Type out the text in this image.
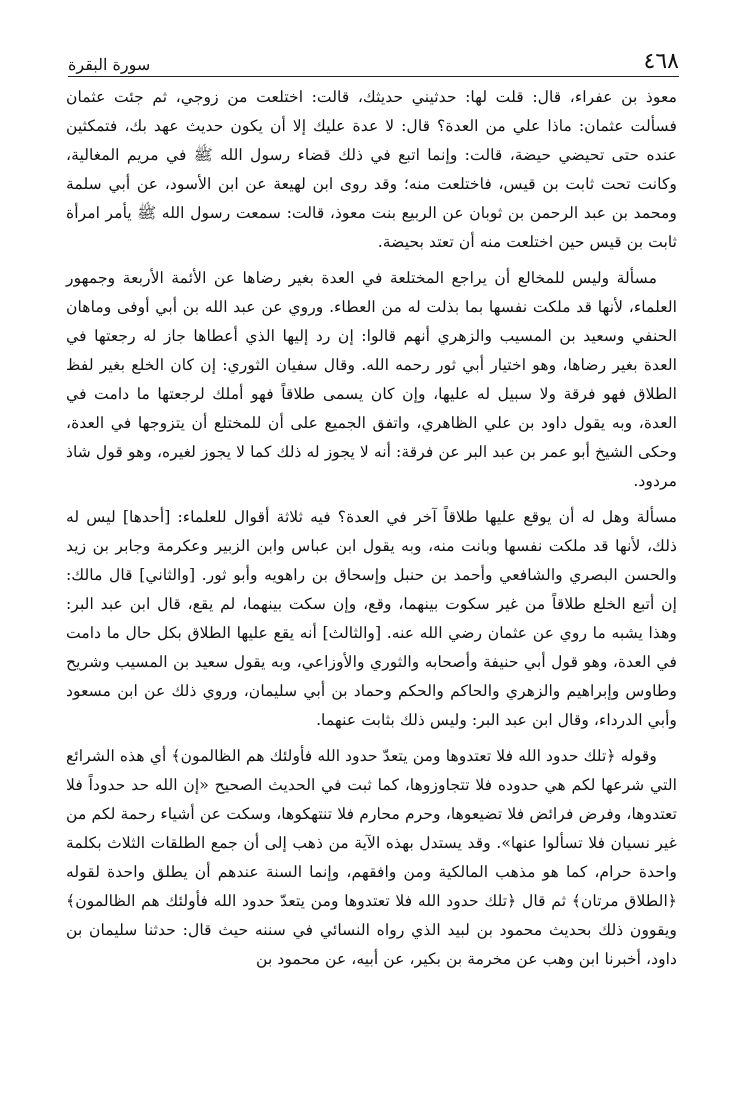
٤٦٨
سورة البقرة

معوذ بن عفراء، قال: قلت لها: حدثيني حديثك، قالت: اختلعت من زوجي، ثم جئت عثمان فسألت عثمان: ماذا علي من العدة؟ قال: لا عدة عليك إلا أن يكون حديث عهد بك، فتمكثين عنده حتى تحيضي حيضة، قالت: وإنما اتبع في ذلك قضاء رسول الله ﷺ في مريم المغالية، وكانت تحت ثابت بن قيس، فاختلعت منه؛ وقد روى ابن لهيعة عن ابن الأسود، عن أبي سلمة ومحمد بن عبد الرحمن بن ثوبان عن الربيع بنت معوذ، قالت: سمعت رسول الله ﷺ يأمر امرأة ثابت بن قيس حين اختلعت منه أن تعتد بحيضة.

مسألة وليس للمخالع أن يراجع المختلعة في العدة بغير رضاها عن الأئمة الأربعة وجمهور العلماء، لأنها قد ملكت نفسها بما بذلت له من العطاء. وروي عن عبد الله بن أبي أوفى وماهان الحنفي وسعيد بن المسيب والزهري أنهم قالوا: إن رد إليها الذي أعطاها جاز له رجعتها في العدة بغير رضاها، وهو اختيار أبي ثور رحمه الله. وقال سفيان الثوري: إن كان الخلع بغير لفظ الطلاق فهو فرقة ولا سبيل له عليها، وإن كان يسمى طلاقاً فهو أملك لرجعتها ما دامت في العدة، وبه يقول داود بن علي الظاهري، واتفق الجميع على أن للمختلع أن يتزوجها في العدة، وحكى الشيخ أبو عمر بن عبد البر عن فرقة: أنه لا يجوز له ذلك كما لا يجوز لغيره، وهو قول شاذ مردود.

مسألة وهل له أن يوقع عليها طلاقاً آخر في العدة؟ فيه ثلاثة أقوال للعلماء: [أحدها] ليس له ذلك، لأنها قد ملكت نفسها وبانت منه، وبه يقول ابن عباس وابن الزبير وعكرمة وجابر بن زيد والحسن البصري والشافعي وأحمد بن حنبل وإسحاق بن راهويه وأبو ثور. [والثاني] قال مالك: إن أتبع الخلع طلاقاً من غير سكوت بينهما، وقع، وإن سكت بينهما، لم يقع، قال ابن عبد البر: وهذا يشبه ما روي عن عثمان رضي الله عنه. [والثالث] أنه يقع عليها الطلاق بكل حال ما دامت في العدة، وهو قول أبي حنيفة وأصحابه والثوري والأوزاعي، وبه يقول سعيد بن المسيب وشريح وطاوس وإبراهيم والزهري والحاكم والحكم وحماد بن أبي سليمان، وروي ذلك عن ابن مسعود وأبي الدرداء، وقال ابن عبد البر: وليس ذلك بثابت عنهما.

وقوله ﴿تلك حدود الله فلا تعتدوها ومن يتعدّ حدود الله فأولئك هم الظالمون﴾ أي هذه الشرائع التي شرعها لكم هي حدوده فلا تتجاوزوها، كما ثبت في الحديث الصحيح «إن الله حد حدوداً فلا تعتدوها، وفرض فرائض فلا تضيعوها، وحرم محارم فلا تنتهكوها، وسكت عن أشياء رحمة لكم من غير نسيان فلا تسألوا عنها». وقد يستدل بهذه الآية من ذهب إلى أن جمع الطلقات الثلاث بكلمة واحدة حرام، كما هو مذهب المالكية ومن وافقهم، وإنما السنة عندهم أن يطلق واحدة لقوله ﴿الطلاق مرتان﴾ ثم قال ﴿تلك حدود الله فلا تعتدوها ومن يتعدّ حدود الله فأولئك هم الظالمون﴾ ويقوون ذلك بحديث محمود بن لبيد الذي رواه النسائي في سننه حيث قال: حدثنا سليمان بن داود، أخبرنا ابن وهب عن مخرمة بن بكير، عن أبيه، عن محمود بن
